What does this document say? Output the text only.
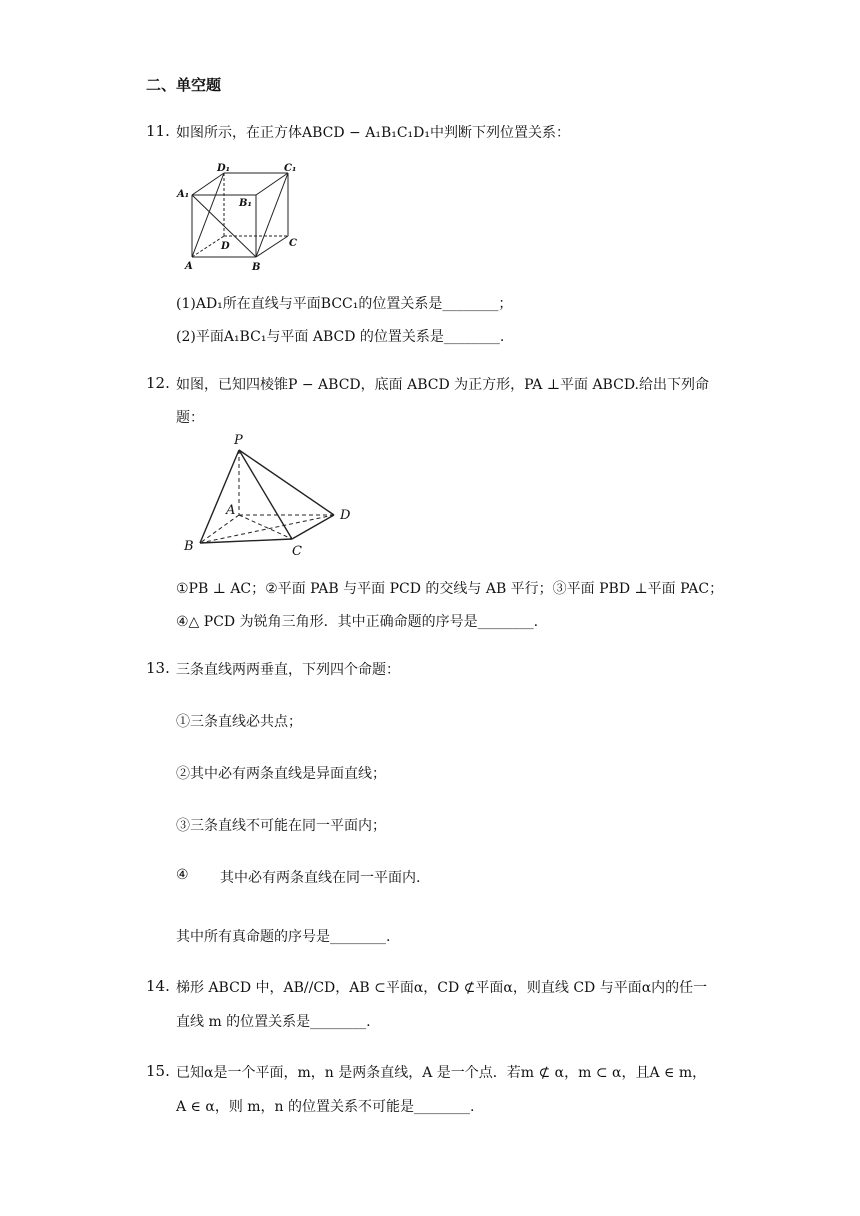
二、单空题
11. 如图所示，在正方体ABCD − A₁B₁C₁D₁中判断下列位置关系：
D₁	C₁
A₁
B₁
D	C
A	B
(1)AD₁所在直线与平面BCC₁的位置关系是________；
(2)平面A₁BC₁与平面 ABCD 的位置关系是________.
12. 如图，已知四棱锥P − ABCD，底面 ABCD 为正方形，PA ⊥平面 ABCD.给出下列命
题：
P
A	D
B	C
①PB ⊥ AC；②平面 PAB 与平面 PCD 的交线与 AB 平行；③平面 PBD ⊥平面 PAC；
④△ PCD 为锐角三角形．其中正确命题的序号是________.
13. 三条直线两两垂直，下列四个命题：
①三条直线必共点；
②其中必有两条直线是异面直线；
③三条直线不可能在同一平面内；
④ 其中必有两条直线在同一平面内.
其中所有真命题的序号是________.
14. 梯形 ABCD 中，AB//CD，AB ⊂平面α，CD ⊄平面α，则直线 CD 与平面α内的任一
直线 m 的位置关系是________.
15. 已知α是一个平面，m，n 是两条直线，A 是一个点．若m ⊄ α，m ⊂ α，且A ∈ m，
A ∈ α，则 m，n 的位置关系不可能是________.
